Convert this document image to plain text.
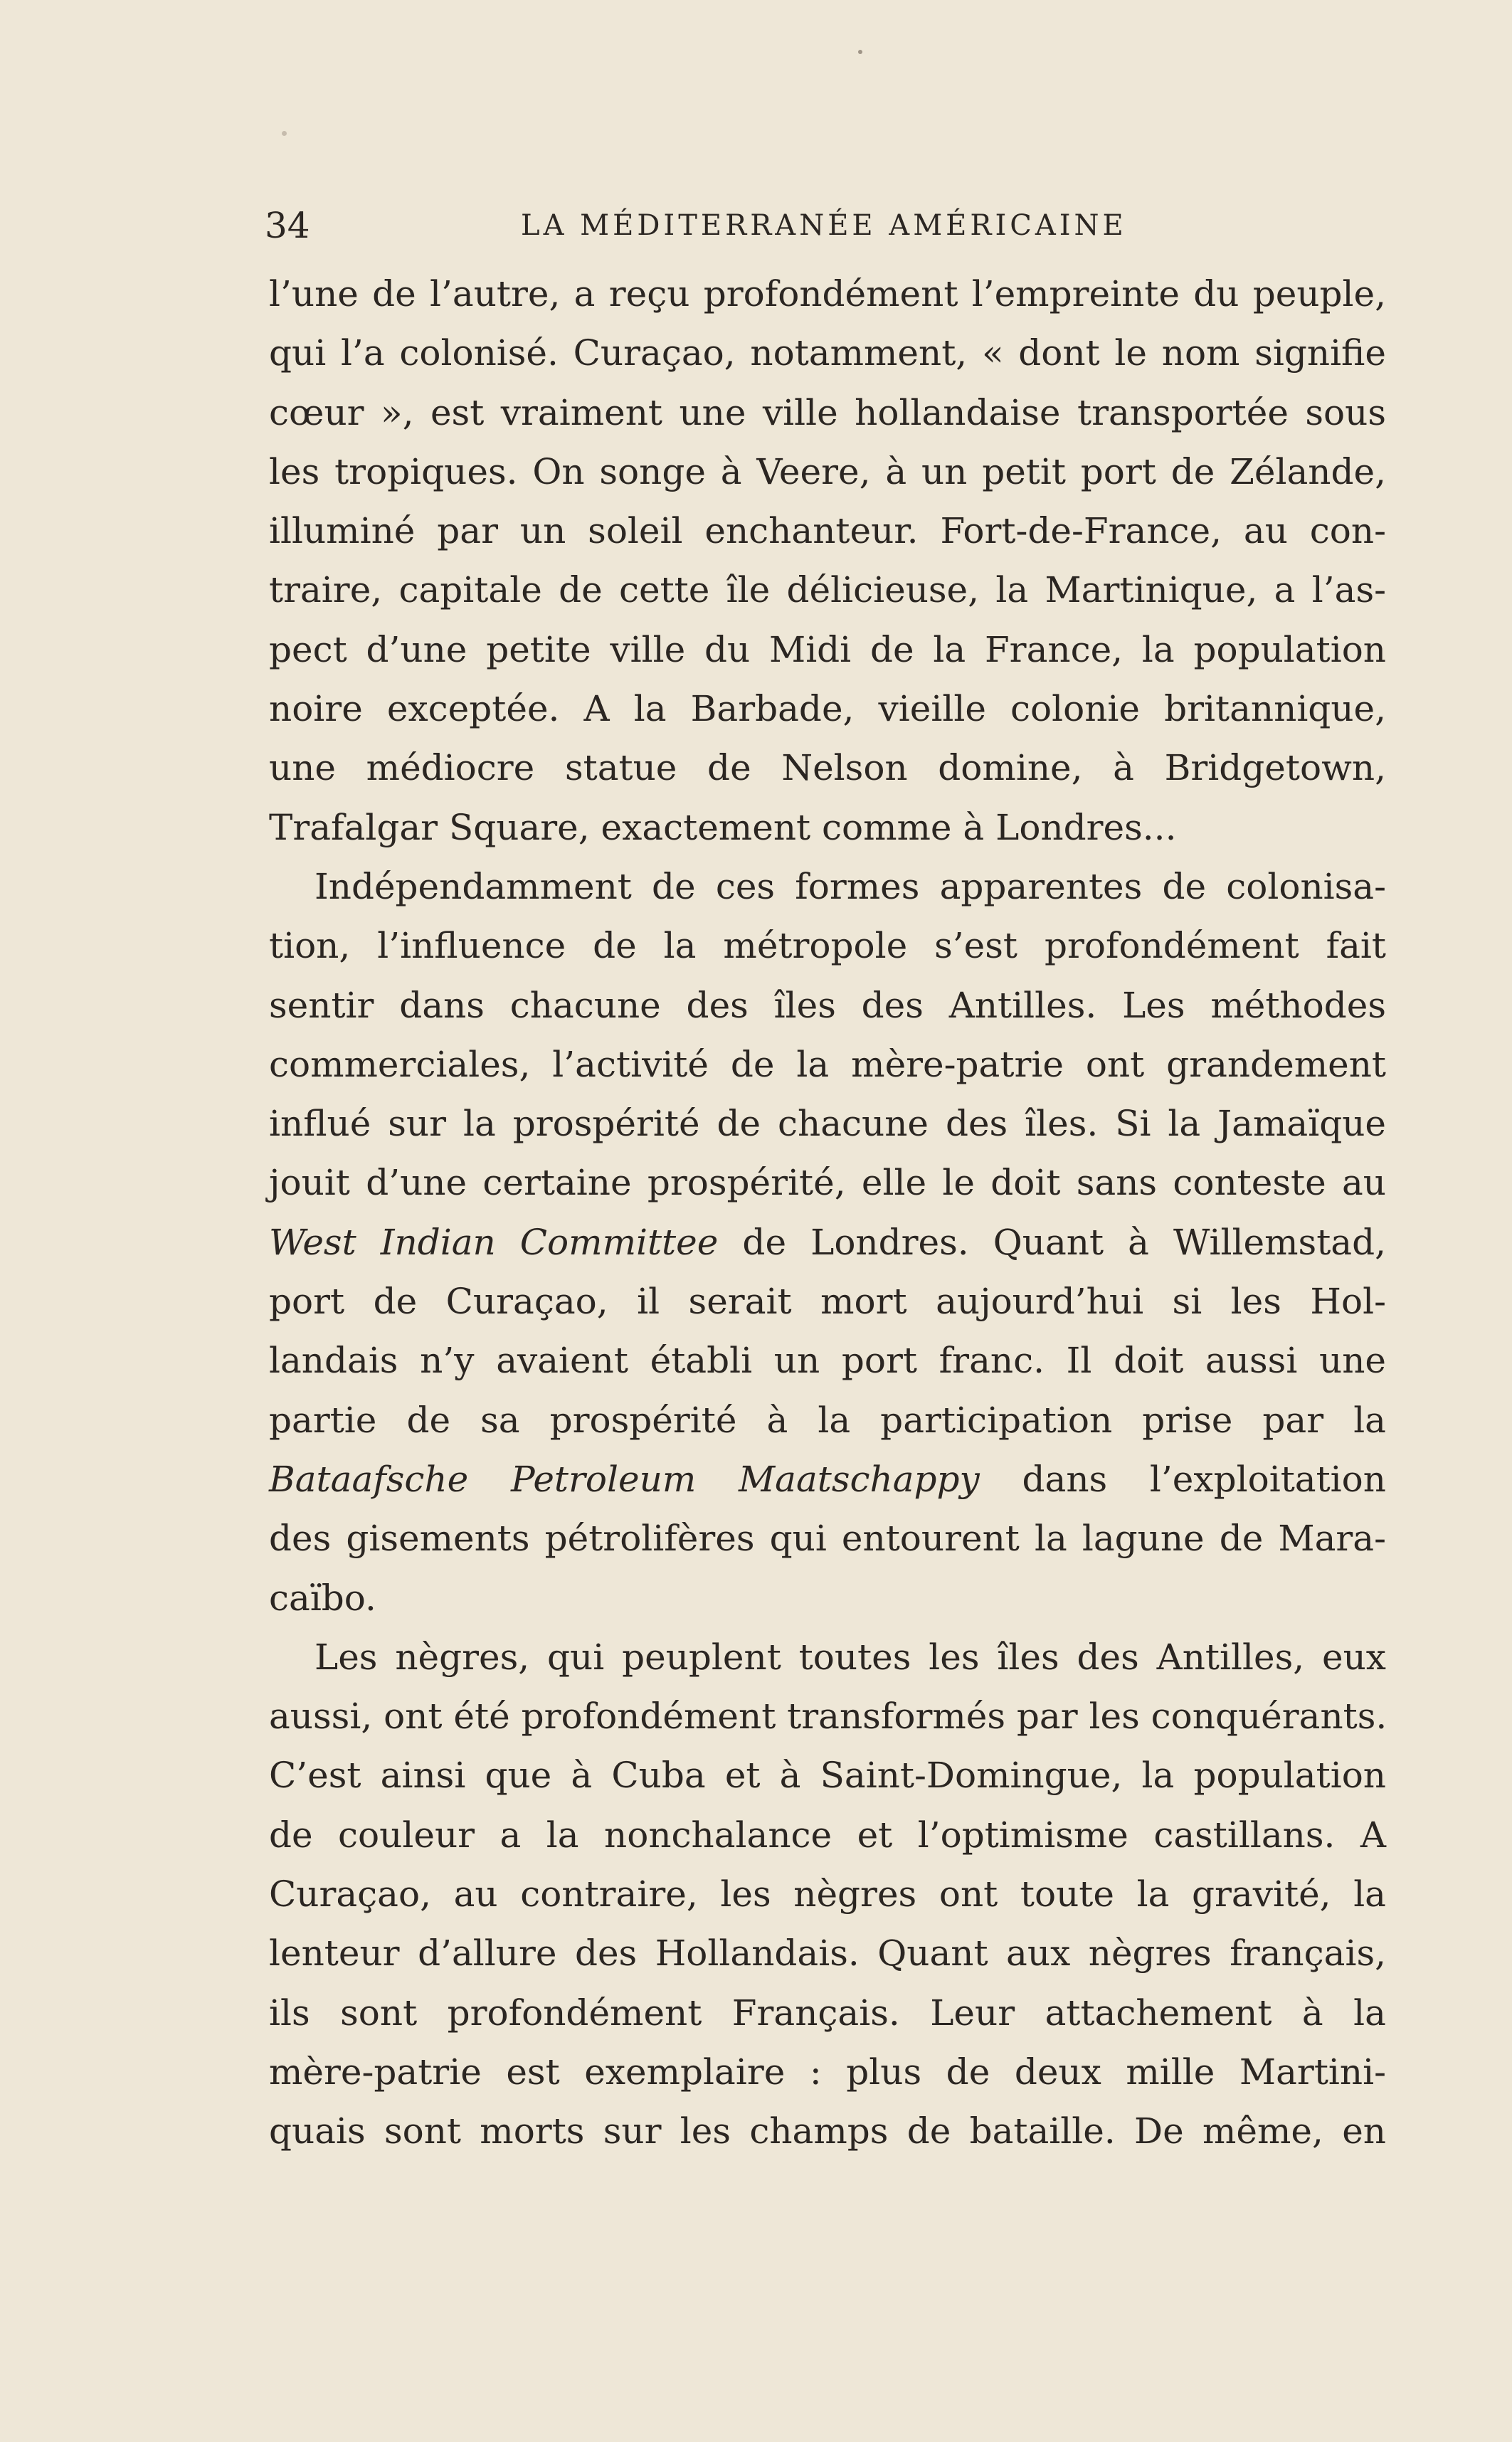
34	LA MÉDITERRANÉE AMÉRICAINE
l’une de l’autre, a reçu profondément l’empreinte du peuple,
qui l’a colonisé. Curaçao, notamment, « dont le nom signifie
cœur », est vraiment une ville hollandaise transportée sous
les tropiques. On songe à Veere, à un petit port de Zélande,
illuminé par un soleil enchanteur. Fort-de-France, au con-
traire, capitale de cette île délicieuse, la Martinique, a l’as-
pect d’une petite ville du Midi de la France, la population
noire exceptée. A la Barbade, vieille colonie britannique,
une médiocre statue de Nelson domine, à Bridgetown,
Trafalgar Square, exactement comme à Londres...
Indépendamment de ces formes apparentes de colonisa-
tion, l’influence de la métropole s’est profondément fait
sentir dans chacune des îles des Antilles. Les méthodes
commerciales, l’activité de la mère-patrie ont grandement
influé sur la prospérité de chacune des îles. Si la Jamaïque
jouit d’une certaine prospérité, elle le doit sans conteste au
West Indian Committee de Londres. Quant à Willemstad,
port de Curaçao, il serait mort aujourd’hui si les Hol-
landais n’y avaient établi un port franc. Il doit aussi une
partie de sa prospérité à la participation prise par la
Bataafsche Petroleum Maatschappy dans l’exploitation
des gisements pétrolifères qui entourent la lagune de Mara-
caïbo.
Les nègres, qui peuplent toutes les îles des Antilles, eux
aussi, ont été profondément transformés par les conquérants.
C’est ainsi que à Cuba et à Saint-Domingue, la population
de couleur a la nonchalance et l’optimisme castillans. A
Curaçao, au contraire, les nègres ont toute la gravité, la
lenteur d’allure des Hollandais. Quant aux nègres français,
ils sont profondément Français. Leur attachement à la
mère-patrie est exemplaire : plus de deux mille Martini-
quais sont morts sur les champs de bataille. De même, en
